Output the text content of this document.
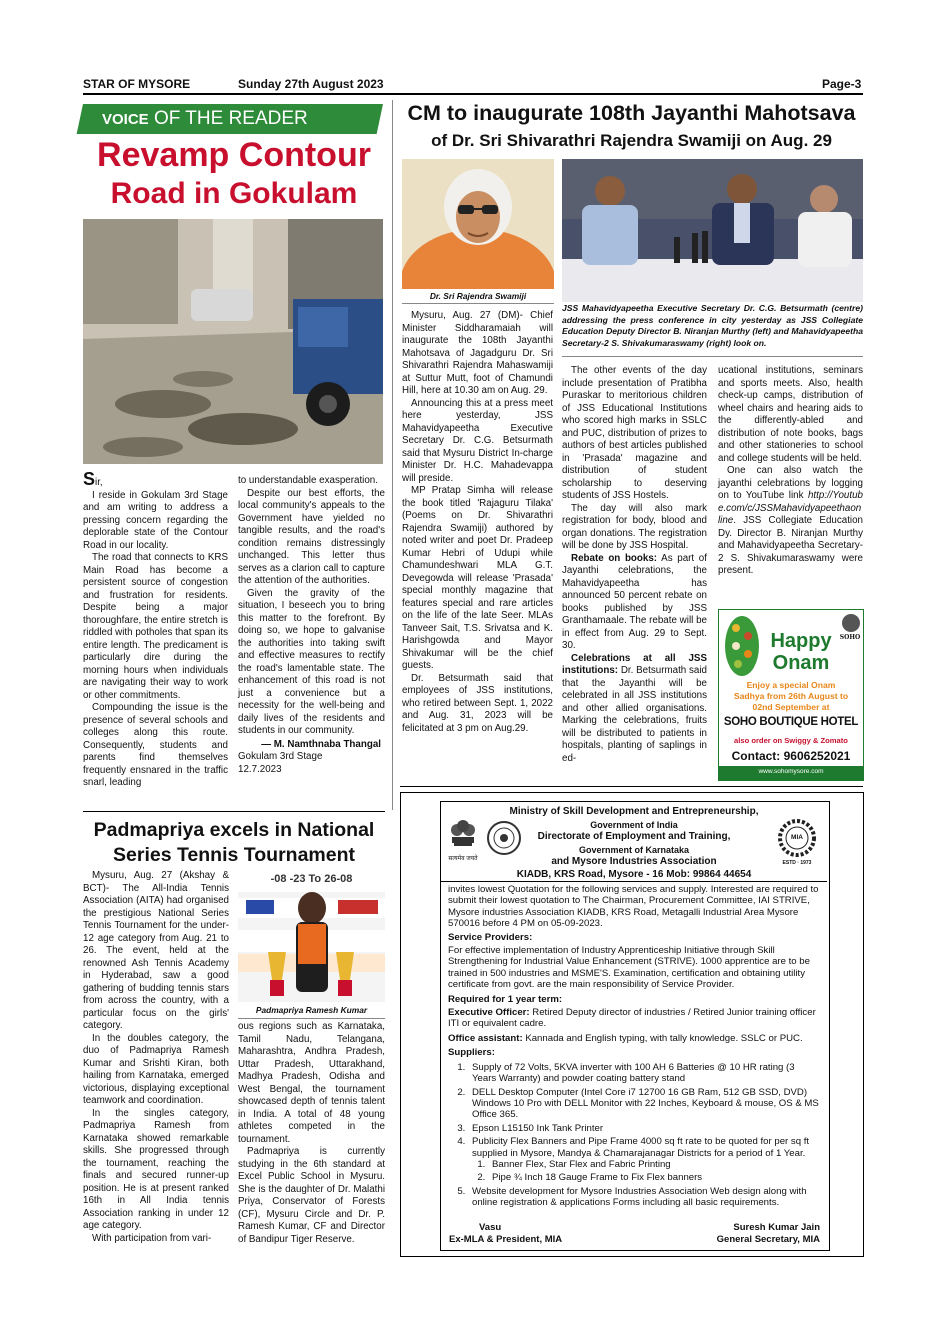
STAR OF MYSORE	Sunday 27th August 2023	Page-3
VOICE OF THE READER
Revamp Contour
Road in Gokulam

Sir,

I reside in Gokulam 3rd Stage and am writing to address a pressing concern regarding the deplorable state of the Contour Road in our locality.

The road that connects to KRS Main Road has become a persistent source of congestion and frustration for residents. Despite being a major thoroughfare, the entire stretch is riddled with potholes that span its entire length. The predicament is particularly dire during the morning hours when individuals are navigating their way to work or other commitments.

Compounding the issue is the presence of several schools and colleges along this route. Consequently, students and parents find themselves frequently ensnared in the traffic snarl, leading

to understandable exasperation.

Despite our best efforts, the local community's appeals to the Government have yielded no tangible results, and the road's condition remains distressingly unchanged. This letter thus serves as a clarion call to capture the attention of the authorities.

Given the gravity of the situation, I beseech you to bring this matter to the forefront. By doing so, we hope to galvanise the authorities into taking swift and effective measures to rectify the road's lamentable state. The enhancement of this road is not just a convenience but a necessity for the well-being and daily lives of the residents and students in our community.

— M. Namthnaba Thangal

Gokulam 3rd Stage

12.7.2023

CM to inaugurate 108th Jayanthi Mahotsava
of Dr. Sri Shivarathri Rajendra Swamiji on Aug. 29
Dr. Sri Rajendra Swamiji
JSS Mahavidyapeetha Executive Secretary Dr. C.G. Betsurmath (centre) addressing the press conference in city yesterday as JSS Collegiate Education Deputy Director B. Niranjan Murthy (left) and Mahavidyapeetha Secretary-2 S. Shivakumaraswamy (right) look on.

Mysuru, Aug. 27 (DM)- Chief Minister Siddharamaiah will inaugurate the 108th Jayanthi Mahotsava of Jagadguru Dr. Sri Shivarathri Rajendra Mahaswamiji at Suttur Mutt, foot of Chamundi Hill, here at 10.30 am on Aug. 29.

Announcing this at a press meet here yesterday, JSS Mahavidyapeetha Executive Secretary Dr. C.G. Betsurmath said that Mysuru District In-charge Minister Dr. H.C. Mahadevappa will preside.

MP Pratap Simha will release the book titled 'Rajaguru Tilaka' (Poems on Dr. Shivarathri Rajendra Swamiji) authored by noted writer and poet Dr. Pradeep Kumar Hebri of Udupi while Chamundeshwari MLA G.T. Devegowda will release 'Prasada' special monthly magazine that features special and rare articles on the life of the late Seer. MLAs Tanveer Sait, T.S. Srivatsa and K. Harishgowda and Mayor Shivakumar will be the chief guests.

Dr. Betsurmath said that employees of JSS institutions, who retired between Sept. 1, 2022 and Aug. 31, 2023 will be felicitated at 3 pm on Aug.29.

The other events of the day include presentation of Pratibha Puraskar to meritorious children of JSS Educational Institutions who scored high marks in SSLC and PUC, distribution of prizes to authors of best articles published in 'Prasada' magazine and distribution of student scholarship to deserving students of JSS Hostels.

The day will also mark registration for body, blood and organ donations. The registration will be done by JSS Hospital.

Rebate on books: As part of Jayanthi celebrations, the Mahavidyapeetha has announced 50 percent rebate on books published by JSS Granthamaale. The rebate will be in effect from Aug. 29 to Sept. 30.

Celebrations at all JSS institutions: Dr. Betsurmath said that the Jayanthi will be celebrated in all JSS institutions and other allied organisations. Marking the celebrations, fruits will be distributed to patients in hospitals, planting of saplings in ed-

ucational institutions, seminars and sports meets. Also, health check-up camps, distribution of wheel chairs and hearing aids to the differently-abled and distribution of note books, bags and other stationeries to school and college students will be held.

One can also watch the jayanthi celebrations by logging on to YouTube link http://Youtube.com/c/JSSMahavidyapeethaonline. JSS Collegiate Education Dy. Director B. Niranjan Murthy and Mahavidyapeetha Secretary-2 S. Shivakumaraswamy were present.

Happy
Onam
SOHO
Enjoy a special Onam
Sadhya from 26th August to
02nd September at
SOHO BOUTIQUE HOTEL
also order on Swiggy & Zomato
Contact: 9606252021
www.sohomysore.com
Padmapriya excels in National
Series Tennis Tournament

Mysuru, Aug. 27 (Akshay & BCT)- The All-India Tennis Association (AITA) had organised the prestigious National Series Tennis Tournament for the under-12 age category from Aug. 21 to 26. The event, held at the renowned Ash Tennis Academy in Hyderabad, saw a good gathering of budding tennis stars from across the country, with a particular focus on the girls' category.

In the doubles category, the duo of Padmapriya Ramesh Kumar and Srishti Kiran, both hailing from Karnataka, emerged victorious, displaying exceptional teamwork and coordination.

In the singles category, Padmapriya Ramesh from Karnataka showed remarkable skills. She progressed through the tournament, reaching the finals and secured runner-up position. He is at present ranked 16th in All India tennis Association ranking in under 12 age category.

With participation from vari-

-08 -23 To 26-08
Padmapriya Ramesh Kumar

ous regions such as Karnataka, Tamil Nadu, Telangana, Maharashtra, Andhra Pradesh, Uttar Pradesh, Uttarakhand, Madhya Pradesh, Odisha and West Bengal, the tournament showcased depth of tennis talent in India. A total of 48 young athletes competed in the tournament.

Padmapriya is currently studying in the 6th standard at Excel Public School in Mysuru. She is the daughter of Dr. Malathi Priya, Conservator of Forests (CF), Mysuru Circle and Dr. P. Ramesh Kumar, CF and Director of Bandipur Tiger Reserve.

सत्यमेव जयते
MIA
ESTD · 1973
Ministry of Skill Development and Entrepreneurship,
Government of India
Directorate of Employment and Training,
Government of Karnataka
and Mysore Industries Association
KIADB, KRS Road, Mysore - 16 Mob: 99864 44654

invites lowest Quotation for the following services and supply. Interested are required to submit their lowest quotation to The Chairman, Procurement Committee, IAI STRIVE, Mysore industries Association KIADB, KRS Road, Metagalli Industrial Area Mysore 570016 before 4 PM on 05-09-2023.

Service Providers:

For effective implementation of Industry Apprenticeship Initiative through Skill Strengthening for Industrial Value Enhancement (STRIVE). 1000 apprentice are to be trained in 500 industries and MSME'S. Examination, certification and obtaining utility certificate from govt. are the main responsibility of Service Provider.

Required for 1 year term:

Executive Officer: Retired Deputy director of industries / Retired Junior training officer ITI or equivalent cadre.

Office assistant: Kannada and English typing, with tally knowledge. SSLC or PUC.

Suppliers:

1. Supply of 72 Volts, 5KVA inverter with 100 AH 6 Batteries @ 10 HR rating (3 Years Warranty) and powder coating battery stand
2. DELL Desktop Computer (Intel Core i7 12700 16 GB Ram, 512 GB SSD, DVD) Windows 10 Pro with DELL Monitor with 22 Inches, Keyboard & mouse, OS & MS Office 365.
3. Epson L15150 Ink Tank Printer
4. Publicity Flex Banners and Pipe Frame 4000 sq ft rate to be quoted for per sq ft supplied in Mysore, Mandya & Chamarajanagar Districts for a period of 1 Year.
1. Banner Flex, Star Flex and Fabric Printing
2. Pipe ¾ Inch 18 Gauge Frame to Fix Flex banners
5. Website development for Mysore Industries Association Web design along with online registration & applications Forms including all basic requirements.
Vasu
Ex-MLA & President, MIA
Suresh Kumar Jain
General Secretary, MIA
